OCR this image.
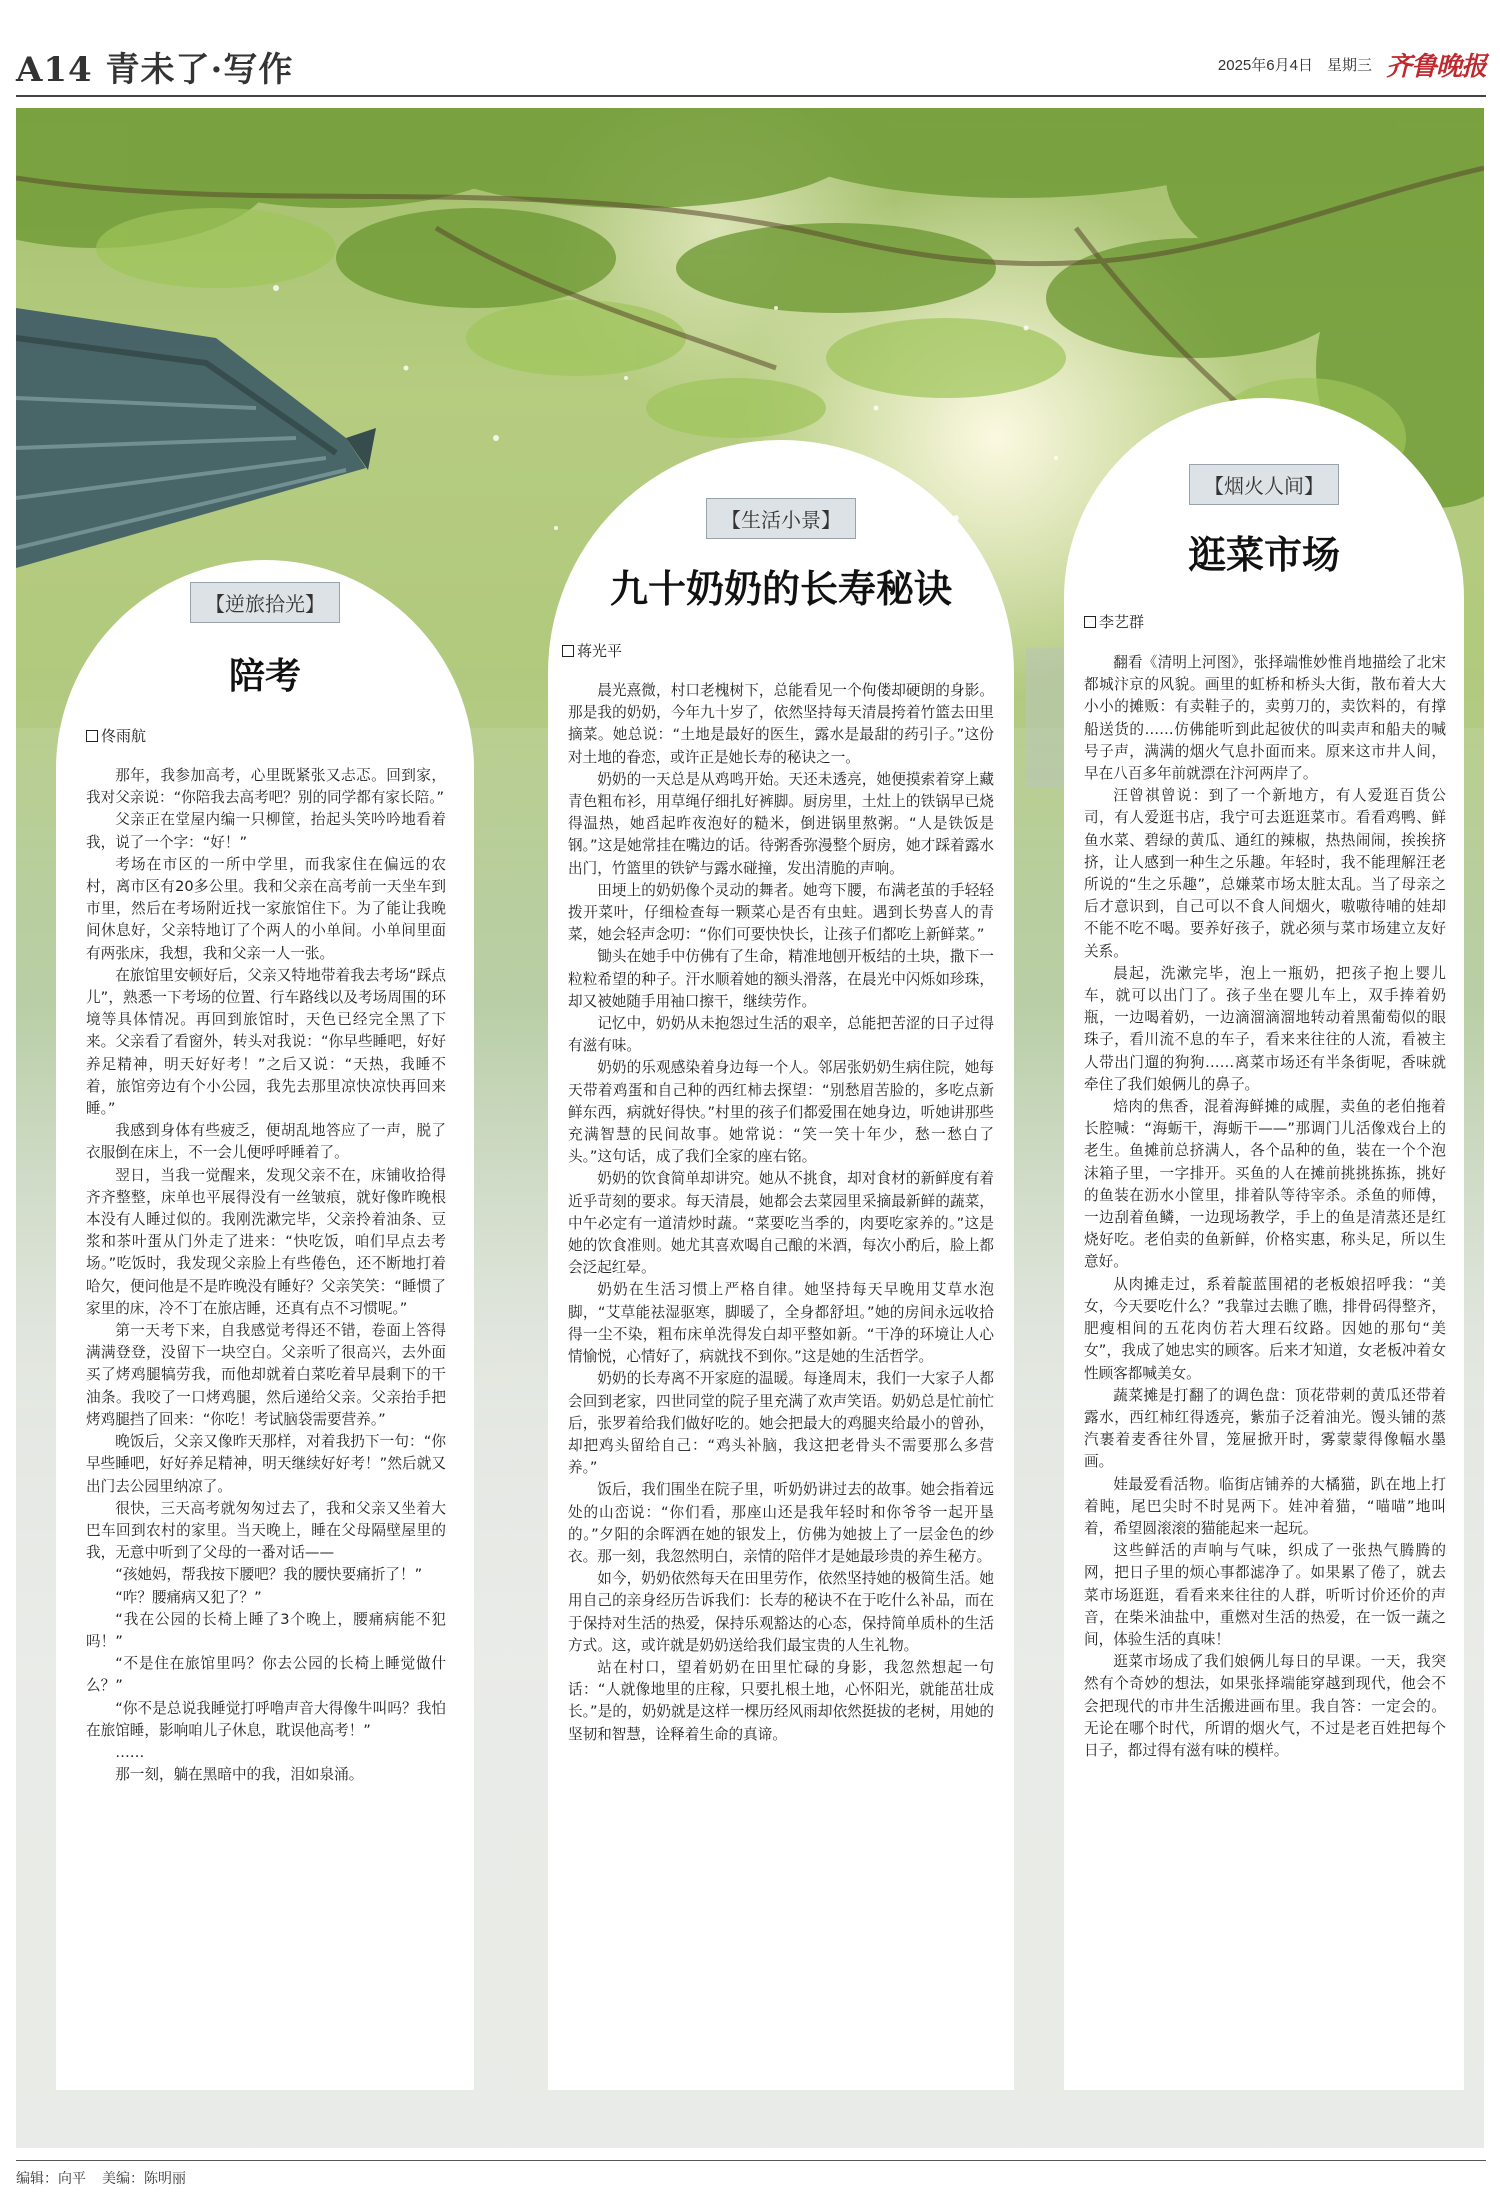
A14 青未了·写作	2025年6月4日 星期三 齐鲁晚报
【逆旅拾光】
陪考
佟雨航

那年，我参加高考，心里既紧张又忐忑。回到家，我对父亲说：“你陪我去高考吧？别的同学都有家长陪。”

父亲正在堂屋内编一只柳筐，抬起头笑吟吟地看着我，说了一个字：“好！”

考场在市区的一所中学里，而我家住在偏远的农村，离市区有20多公里。我和父亲在高考前一天坐车到市里，然后在考场附近找一家旅馆住下。为了能让我晚间休息好，父亲特地订了个两人的小单间。小单间里面有两张床，我想，我和父亲一人一张。

在旅馆里安顿好后，父亲又特地带着我去考场“踩点儿”，熟悉一下考场的位置、行车路线以及考场周围的环境等具体情况。再回到旅馆时，天色已经完全黑了下来。父亲看了看窗外，转头对我说：“你早些睡吧，好好养足精神，明天好好考！”之后又说：“天热，我睡不着，旅馆旁边有个小公园，我先去那里凉快凉快再回来睡。”

我感到身体有些疲乏，便胡乱地答应了一声，脱了衣服倒在床上，不一会儿便呼呼睡着了。

翌日，当我一觉醒来，发现父亲不在，床铺收拾得齐齐整整，床单也平展得没有一丝皱痕，就好像昨晚根本没有人睡过似的。我刚洗漱完毕，父亲拎着油条、豆浆和茶叶蛋从门外走了进来：“快吃饭，咱们早点去考场。”吃饭时，我发现父亲脸上有些倦色，还不断地打着哈欠，便问他是不是昨晚没有睡好？父亲笑笑：“睡惯了家里的床，冷不丁在旅店睡，还真有点不习惯呢。”

第一天考下来，自我感觉考得还不错，卷面上答得满满登登，没留下一块空白。父亲听了很高兴，去外面买了烤鸡腿犒劳我，而他却就着白菜吃着早晨剩下的干油条。我咬了一口烤鸡腿，然后递给父亲。父亲抬手把烤鸡腿挡了回来：“你吃！考试脑袋需要营养。”

晚饭后，父亲又像昨天那样，对着我扔下一句：“你早些睡吧，好好养足精神，明天继续好好考！”然后就又出门去公园里纳凉了。

很快，三天高考就匆匆过去了，我和父亲又坐着大巴车回到农村的家里。当天晚上，睡在父母隔壁屋里的我，无意中听到了父母的一番对话——

“孩她妈，帮我按下腰吧？我的腰快要痛折了！”

“咋？腰痛病又犯了？”

“我在公园的长椅上睡了3个晚上，腰痛病能不犯吗！”

“不是住在旅馆里吗？你去公园的长椅上睡觉做什么？”

“你不是总说我睡觉打呼噜声音大得像牛叫吗？我怕在旅馆睡，影响咱儿子休息，耽误他高考！”

……

那一刻，躺在黑暗中的我，泪如泉涌。

【生活小景】
九十奶奶的长寿秘诀
蒋光平

晨光熹微，村口老槐树下，总能看见一个佝偻却硬朗的身影。那是我的奶奶，今年九十岁了，依然坚持每天清晨挎着竹篮去田里摘菜。她总说：“土地是最好的医生，露水是最甜的药引子。”这份对土地的眷恋，或许正是她长寿的秘诀之一。

奶奶的一天总是从鸡鸣开始。天还未透亮，她便摸索着穿上藏青色粗布衫，用草绳仔细扎好裤脚。厨房里，土灶上的铁锅早已烧得温热，她舀起昨夜泡好的糙米，倒进锅里熬粥。“人是铁饭是钢。”这是她常挂在嘴边的话。待粥香弥漫整个厨房，她才踩着露水出门，竹篮里的铁铲与露水碰撞，发出清脆的声响。

田埂上的奶奶像个灵动的舞者。她弯下腰，布满老茧的手轻轻拨开菜叶，仔细检查每一颗菜心是否有虫蛀。遇到长势喜人的青菜，她会轻声念叨：“你们可要快快长，让孩子们都吃上新鲜菜。”

锄头在她手中仿佛有了生命，精准地刨开板结的土块，撒下一粒粒希望的种子。汗水顺着她的额头滑落，在晨光中闪烁如珍珠，却又被她随手用袖口擦干，继续劳作。

记忆中，奶奶从未抱怨过生活的艰辛，总能把苦涩的日子过得有滋有味。

奶奶的乐观感染着身边每一个人。邻居张奶奶生病住院，她每天带着鸡蛋和自己种的西红柿去探望：“别愁眉苦脸的，多吃点新鲜东西，病就好得快。”村里的孩子们都爱围在她身边，听她讲那些充满智慧的民间故事。她常说：“笑一笑十年少，愁一愁白了头。”这句话，成了我们全家的座右铭。

奶奶的饮食简单却讲究。她从不挑食，却对食材的新鲜度有着近乎苛刻的要求。每天清晨，她都会去菜园里采摘最新鲜的蔬菜，中午必定有一道清炒时蔬。“菜要吃当季的，肉要吃家养的。”这是她的饮食准则。她尤其喜欢喝自己酿的米酒，每次小酌后，脸上都会泛起红晕。

奶奶在生活习惯上严格自律。她坚持每天早晚用艾草水泡脚，“艾草能祛湿驱寒，脚暖了，全身都舒坦。”她的房间永远收拾得一尘不染，粗布床单洗得发白却平整如新。“干净的环境让人心情愉悦，心情好了，病就找不到你。”这是她的生活哲学。

奶奶的长寿离不开家庭的温暖。每逢周末，我们一大家子人都会回到老家，四世同堂的院子里充满了欢声笑语。奶奶总是忙前忙后，张罗着给我们做好吃的。她会把最大的鸡腿夹给最小的曾孙，却把鸡头留给自己：“鸡头补脑，我这把老骨头不需要那么多营养。”

饭后，我们围坐在院子里，听奶奶讲过去的故事。她会指着远处的山峦说：“你们看，那座山还是我年轻时和你爷爷一起开垦的。”夕阳的余晖洒在她的银发上，仿佛为她披上了一层金色的纱衣。那一刻，我忽然明白，亲情的陪伴才是她最珍贵的养生秘方。

如今，奶奶依然每天在田里劳作，依然坚持她的极简生活。她用自己的亲身经历告诉我们：长寿的秘诀不在于吃什么补品，而在于保持对生活的热爱，保持乐观豁达的心态，保持简单质朴的生活方式。这，或许就是奶奶送给我们最宝贵的人生礼物。

站在村口，望着奶奶在田里忙碌的身影，我忽然想起一句话：“人就像地里的庄稼，只要扎根土地，心怀阳光，就能茁壮成长。”是的，奶奶就是这样一棵历经风雨却依然挺拔的老树，用她的坚韧和智慧，诠释着生命的真谛。

【烟火人间】
逛菜市场
李艺群

翻看《清明上河图》，张择端惟妙惟肖地描绘了北宋都城汴京的风貌。画里的虹桥和桥头大街，散布着大大小小的摊贩：有卖鞋子的，卖剪刀的，卖饮料的，有撑船送货的……仿佛能听到此起彼伏的叫卖声和船夫的喊号子声，满满的烟火气息扑面而来。原来这市井人间，早在八百多年前就漂在汴河两岸了。

汪曾祺曾说：到了一个新地方，有人爱逛百货公司，有人爱逛书店，我宁可去逛逛菜市。看看鸡鸭、鲜鱼水菜、碧绿的黄瓜、通红的辣椒，热热闹闹，挨挨挤挤，让人感到一种生之乐趣。年轻时，我不能理解汪老所说的“生之乐趣”，总嫌菜市场太脏太乱。当了母亲之后才意识到，自己可以不食人间烟火，嗷嗷待哺的娃却不能不吃不喝。要养好孩子，就必须与菜市场建立友好关系。

晨起，洗漱完毕，泡上一瓶奶，把孩子抱上婴儿车，就可以出门了。孩子坐在婴儿车上，双手捧着奶瓶，一边喝着奶，一边滴溜滴溜地转动着黑葡萄似的眼珠子，看川流不息的车子，看来来往往的人流，看被主人带出门遛的狗狗……离菜市场还有半条街呢，香味就牵住了我们娘俩儿的鼻子。

焙肉的焦香，混着海鲜摊的咸腥，卖鱼的老伯拖着长腔喊：“海蛎干，海蛎干——”那调门儿活像戏台上的老生。鱼摊前总挤满人，各个品种的鱼，装在一个个泡沫箱子里，一字排开。买鱼的人在摊前挑挑拣拣，挑好的鱼装在沥水小筐里，排着队等待宰杀。杀鱼的师傅，一边刮着鱼鳞，一边现场教学，手上的鱼是清蒸还是红烧好吃。老伯卖的鱼新鲜，价格实惠，称头足，所以生意好。

从肉摊走过，系着靛蓝围裙的老板娘招呼我：“美女，今天要吃什么？”我靠过去瞧了瞧，排骨码得整齐，肥瘦相间的五花肉仿若大理石纹路。因她的那句“美女”，我成了她忠实的顾客。后来才知道，女老板冲着女性顾客都喊美女。

蔬菜摊是打翻了的调色盘：顶花带刺的黄瓜还带着露水，西红柿红得透亮，紫茄子泛着油光。馒头铺的蒸汽裹着麦香往外冒，笼屉掀开时，雾蒙蒙得像幅水墨画。

娃最爱看活物。临街店铺养的大橘猫，趴在地上打着盹，尾巴尖时不时晃两下。娃冲着猫，“喵喵”地叫着，希望圆滚滚的猫能起来一起玩。

这些鲜活的声响与气味，织成了一张热气腾腾的网，把日子里的烦心事都滤净了。如果累了倦了，就去菜市场逛逛，看看来来往往的人群，听听讨价还价的声音，在柴米油盐中，重燃对生活的热爱，在一饭一蔬之间，体验生活的真味！

逛菜市场成了我们娘俩儿每日的早课。一天，我突然有个奇妙的想法，如果张择端能穿越到现代，他会不会把现代的市井生活搬进画布里。我自答：一定会的。无论在哪个时代，所谓的烟火气，不过是老百姓把每个日子，都过得有滋有味的模样。

编辑：向平 美编：陈明丽
